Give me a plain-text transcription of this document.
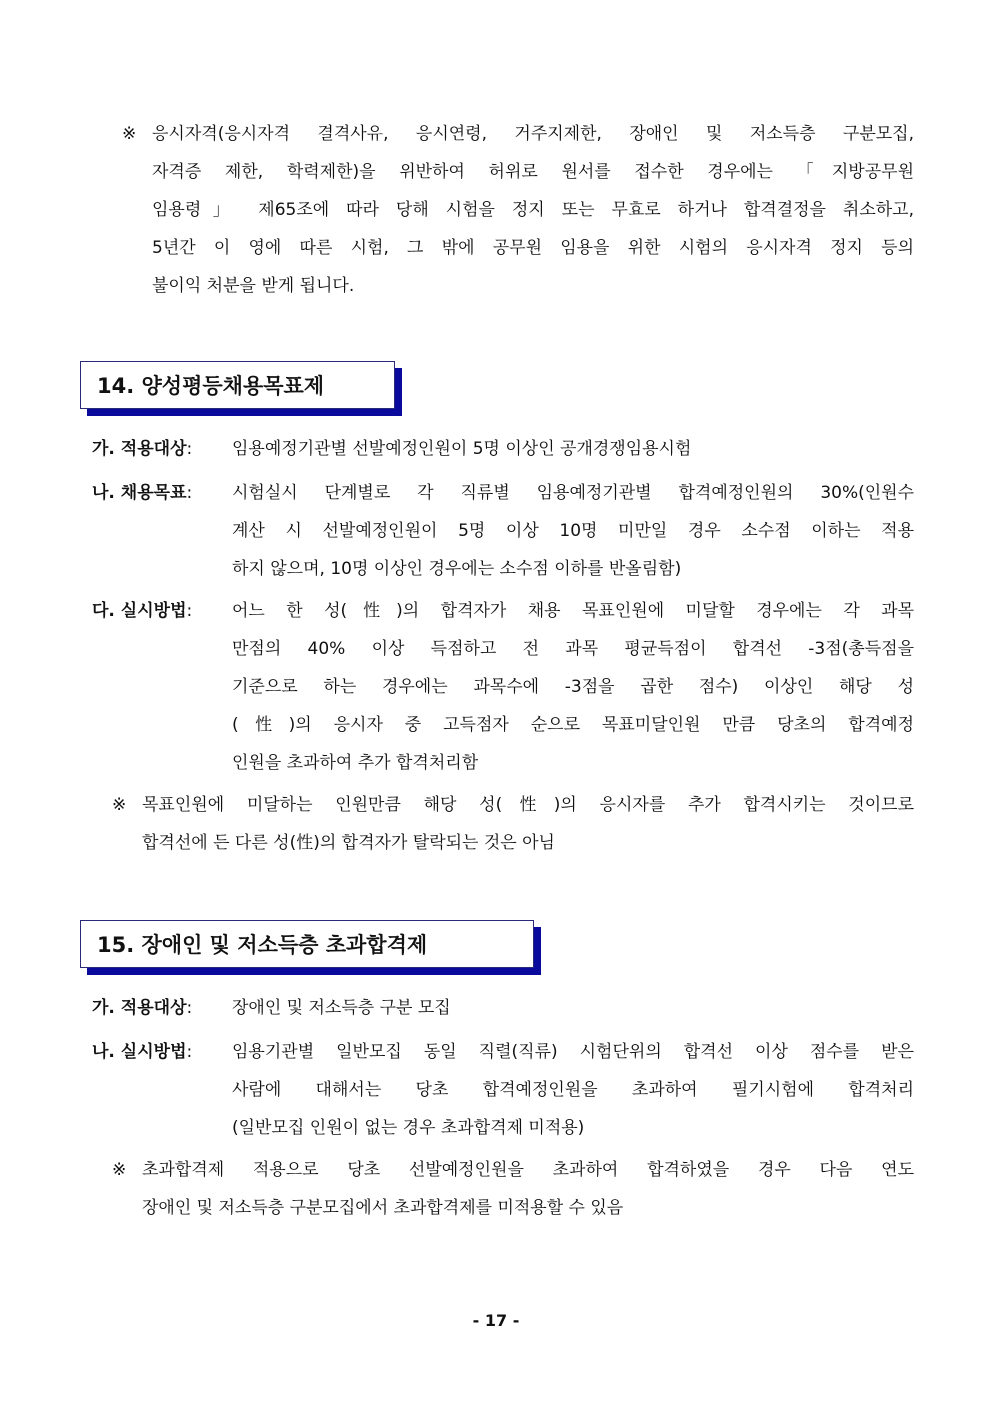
※ 응시자격(응시자격 결격사유, 응시연령, 거주지제한, 장애인 및 저소득층 구분모집,
자격증 제한, 학력제한)을 위반하여 허위로 원서를 접수한 경우에는 「지방공무원
임용령」 제65조에 따라 당해 시험을 정지 또는 무효로 하거나 합격결정을 취소하고,
5년간 이 영에 따른 시험, 그 밖에 공무원 임용을 위한 시험의 응시자격 정지 등의
불이익 처분을 받게 됩니다.
14. 양성평등채용목표제
가. 적용대상: 임용예정기관별 선발예정인원이 5명 이상인 공개경쟁임용시험
나. 채용목표: 시험실시 단계별로 각 직류별 임용예정기관별 합격예정인원의 30%(인원수
계산 시 선발예정인원이 5명 이상 10명 미만일 경우 소수점 이하는 적용
하지 않으며, 10명 이상인 경우에는 소수점 이하를 반올림함)
다. 실시방법: 어느 한 성(性)의 합격자가 채용 목표인원에 미달할 경우에는 각 과목
만점의 40% 이상 득점하고 전 과목 평균득점이 합격선 -3점(총득점을
기준으로 하는 경우에는 과목수에 -3점을 곱한 점수) 이상인 해당 성
(性)의 응시자 중 고득점자 순으로 목표미달인원 만큼 당초의 합격예정
인원을 초과하여 추가 합격처리함
※ 목표인원에 미달하는 인원만큼 해당 성(性)의 응시자를 추가 합격시키는 것이므로
합격선에 든 다른 성(性)의 합격자가 탈락되는 것은 아님
15. 장애인 및 저소득층 초과합격제
가. 적용대상: 장애인 및 저소득층 구분 모집
나. 실시방법: 임용기관별 일반모집 동일 직렬(직류) 시험단위의 합격선 이상 점수를 받은
사람에 대해서는 당초 합격예정인원을 초과하여 필기시험에 합격처리
(일반모집 인원이 없는 경우 초과합격제 미적용)
※ 초과합격제 적용으로 당초 선발예정인원을 초과하여 합격하였을 경우 다음 연도
장애인 및 저소득층 구분모집에서 초과합격제를 미적용할 수 있음
- 17 -
